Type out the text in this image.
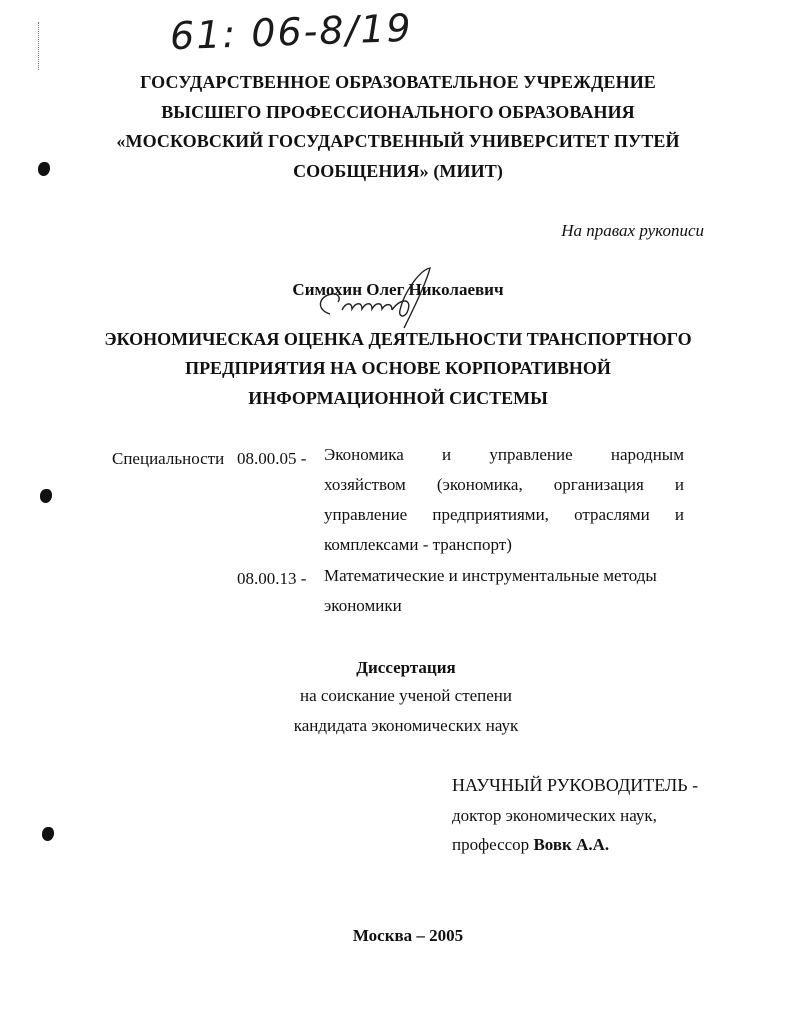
61: 06-8/19
ГОСУДАРСТВЕННОЕ ОБРАЗОВАТЕЛЬНОЕ УЧРЕЖДЕНИЕ
ВЫСШЕГО ПРОФЕССИОНАЛЬНОГО ОБРАЗОВАНИЯ
«МОСКОВСКИЙ ГОСУДАРСТВЕННЫЙ УНИВЕРСИТЕТ ПУТЕЙ
СООБЩЕНИЯ» (МИИТ)
На правах рукописи
Симохин Олег Николаевич
ЭКОНОМИЧЕСКАЯ ОЦЕНКА ДЕЯТЕЛЬНОСТИ ТРАНСПОРТНОГО
ПРЕДПРИЯТИЯ НА ОСНОВЕ КОРПОРАТИВНОЙ
ИНФОРМАЦИОННОЙ СИСТЕМЫ
Специальности 08.00.05 - Экономика и управление народным
хозяйством (экономика, организация и
управление предприятиями, отраслями и
комплексами - транспорт)
08.00.13 - Математические и инструментальные методы
экономики
Диссертация
на соискание ученой степени
кандидата экономических наук
НАУЧНЫЙ РУКОВОДИТЕЛЬ -
доктор экономических наук,
профессор Вовк А.А.
Москва – 2005
